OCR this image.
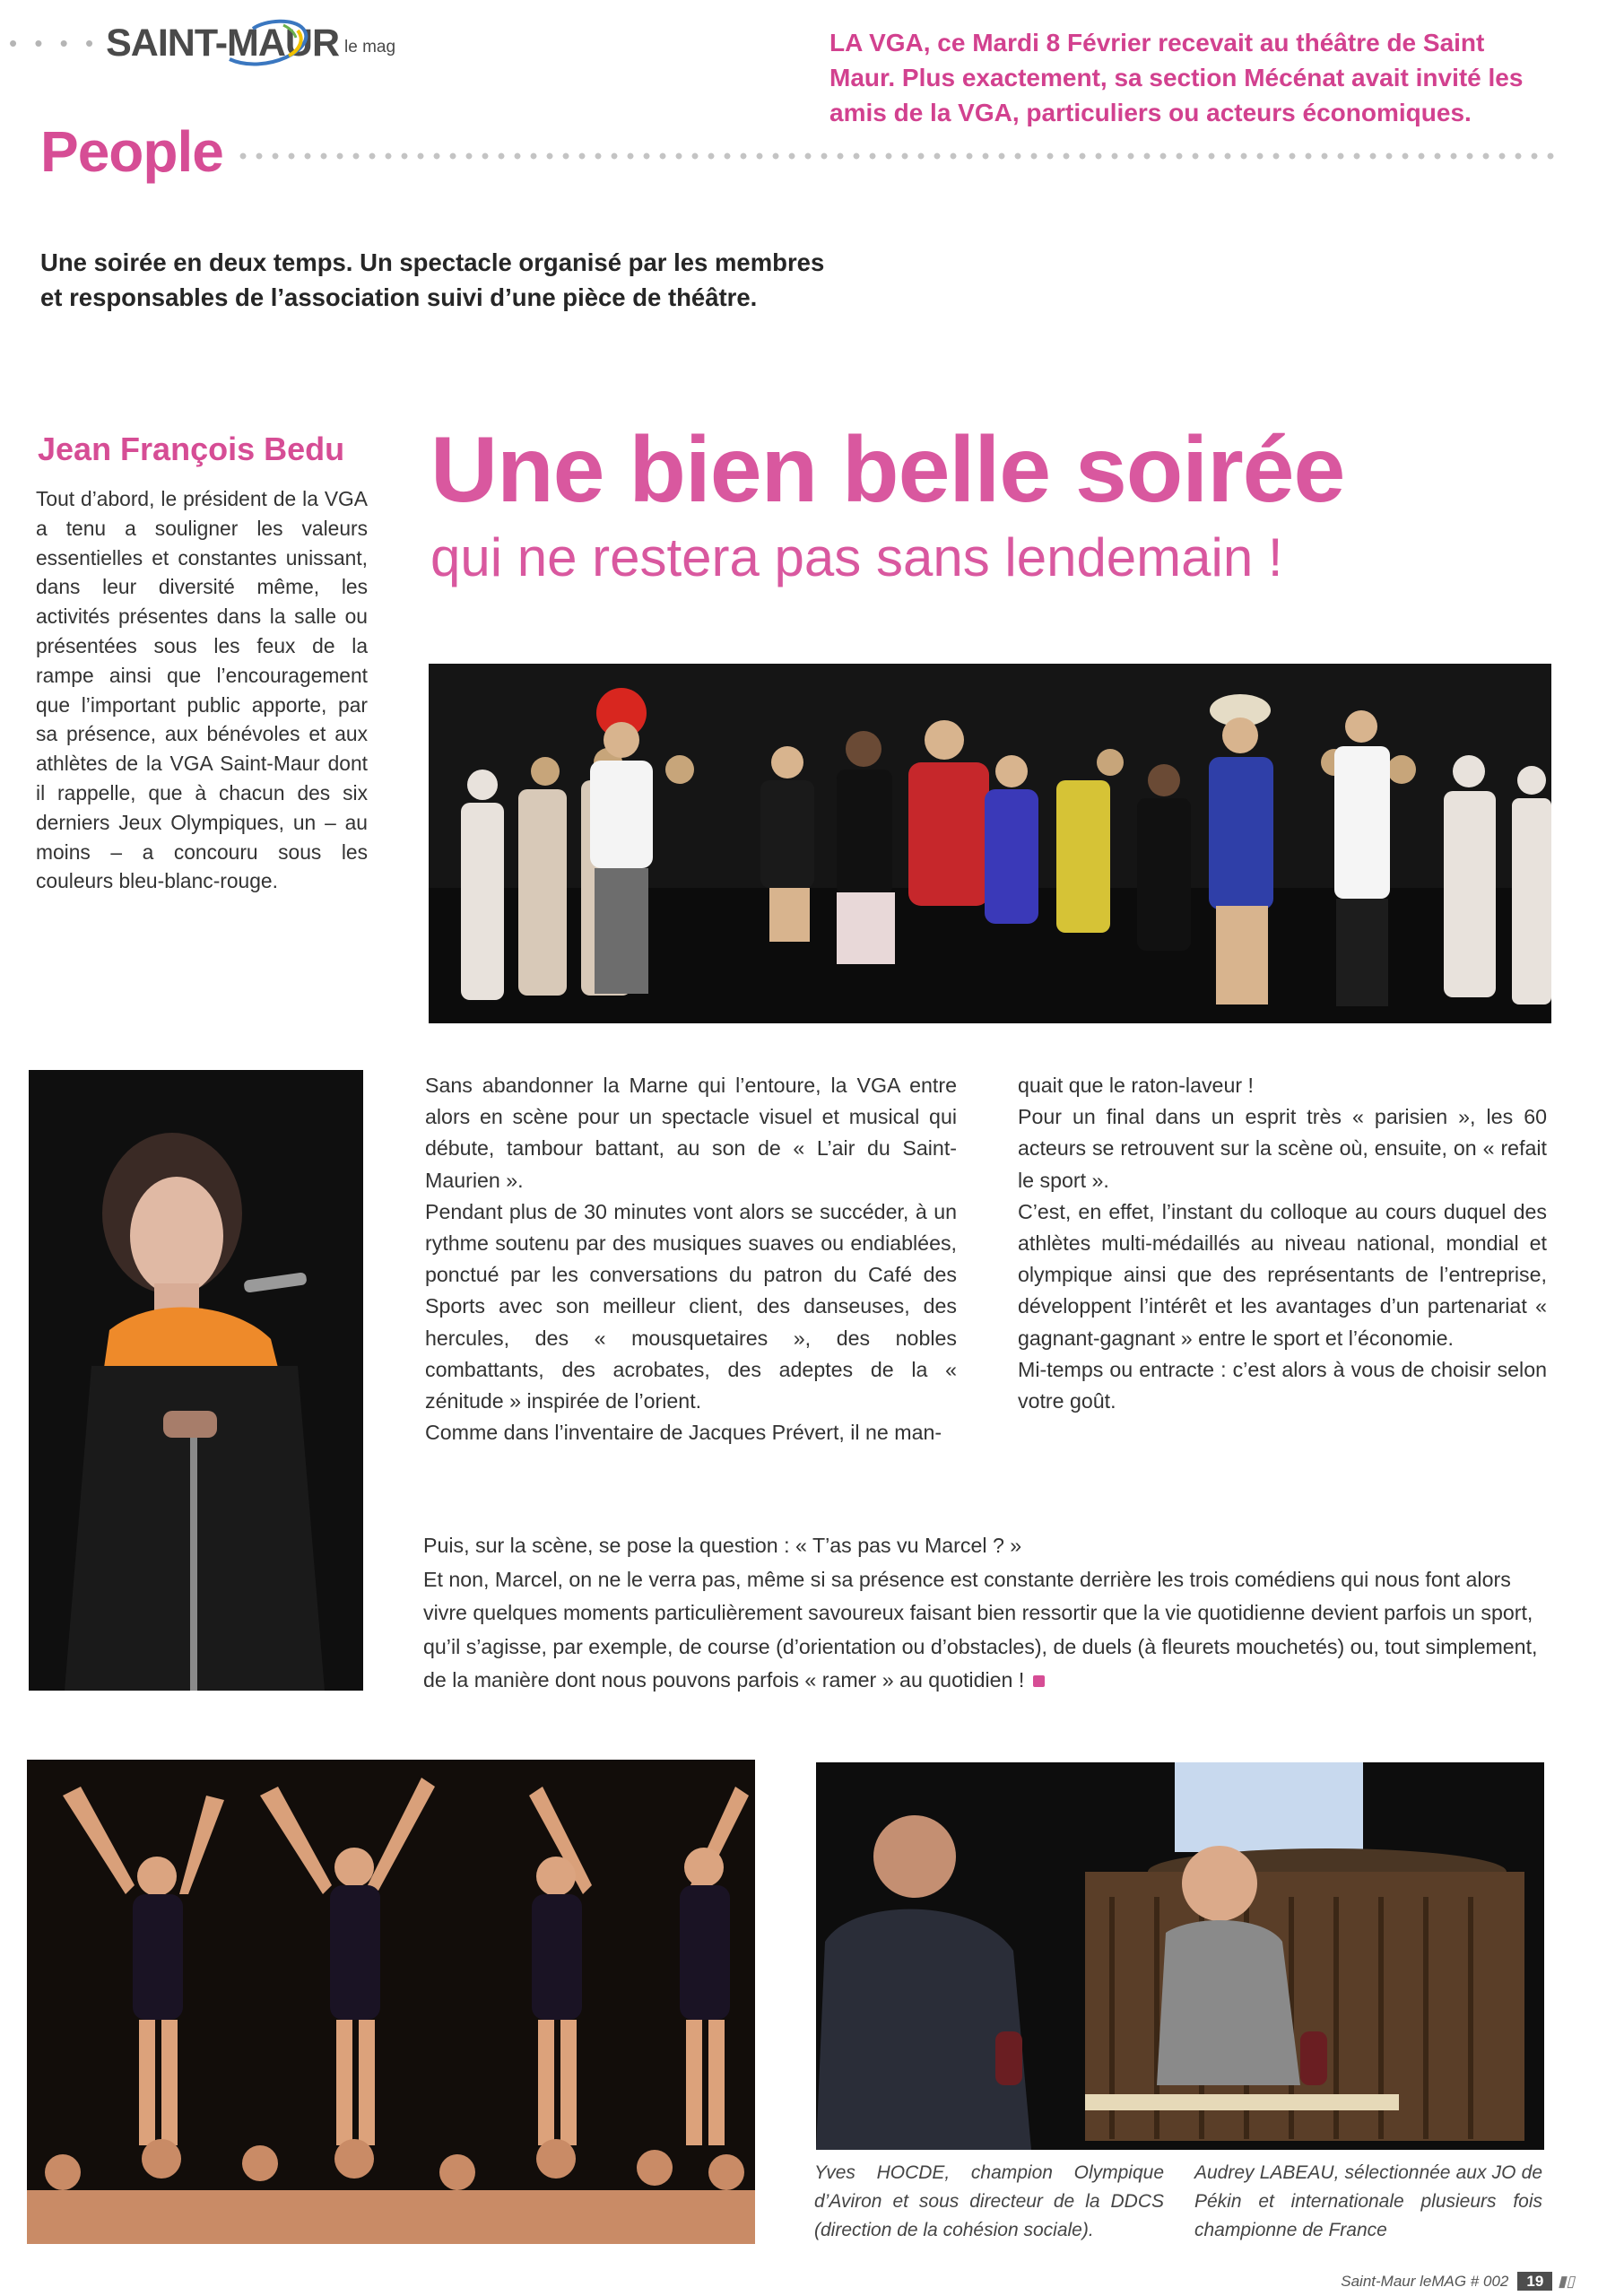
• • • • SAINT-MAUR le mag	LA VGA, ce Mardi 8 Février recevait au théâtre de Saint Maur. Plus exactement, sa section Mécénat avait invité les amis de la VGA, particuliers ou acteurs économiques.
People
Une soirée en deux temps. Un spectacle organisé par les membres et responsables de l’association suivi d’une pièce de théâtre.
Jean François Bedu
Tout d’abord, le président de la VGA a tenu a souligner les valeurs essentielles et constantes unissant, dans leur diversité même, les activités présentes dans la salle ou présentées sous les feux de la rampe ainsi que l’encouragement que l’important public apporte, par sa présence, aux bénévoles et aux athlètes de la VGA Saint-Maur dont il rappelle, que à chacun des six derniers Jeux Olympiques, un – au moins – a concouru sous les couleurs bleu-blanc-rouge.
Une bien belle soirée
qui ne restera pas sans lendemain !

Sans abandonner la Marne qui l’entoure, la VGA entre alors en scène pour un spectacle visuel et musical qui débute, tambour battant, au son de « L’air du Saint-Maurien ».

Pendant plus de 30 minutes vont alors se succéder, à un rythme soutenu par des musiques suaves ou endiablées, ponctué par les conversations du patron du Café des Sports avec son meilleur client, des danseuses, des hercules, des « mousquetaires », des nobles combattants, des acrobates, des adeptes de la « zénitude » inspirée de l’orient.

Comme dans l’inventaire de Jacques Prévert, il ne man-

quait que le raton-laveur !

Pour un final dans un esprit très « parisien », les 60 acteurs se retrouvent sur la scène où, ensuite, on « refait le sport ».

C’est, en effet, l’instant du colloque au cours duquel des athlètes multi-médaillés au niveau national, mondial et olympique ainsi que des représentants de l’entreprise, développent l’intérêt et les avantages d’un partenariat « gagnant-gagnant » entre le sport et l’économie.

Mi-temps ou entracte : c’est alors à vous de choisir selon votre goût.

Puis, sur la scène, se pose la question : « T’as pas vu Marcel ? »

Et non, Marcel, on ne le verra pas, même si sa présence est constante derrière les trois comédiens qui nous font alors vivre quelques moments particulièrement savoureux faisant bien ressortir que la vie quotidienne devient parfois un sport, qu’il s’agisse, par exemple, de course (d’orientation ou d’obstacles), de duels (à fleurets mouchetés) ou, tout simplement, de la manière dont nous pouvons parfois « ramer » au quotidien !

Yves HOCDE, champion Olympique d’Aviron et sous directeur de la DDCS (direction de la cohésion sociale).
Audrey LABEAU, sélectionnée aux JO de Pékin et internationale plusieurs fois championne de France
Saint-Maur leMAG # 002	19 ▮▯
